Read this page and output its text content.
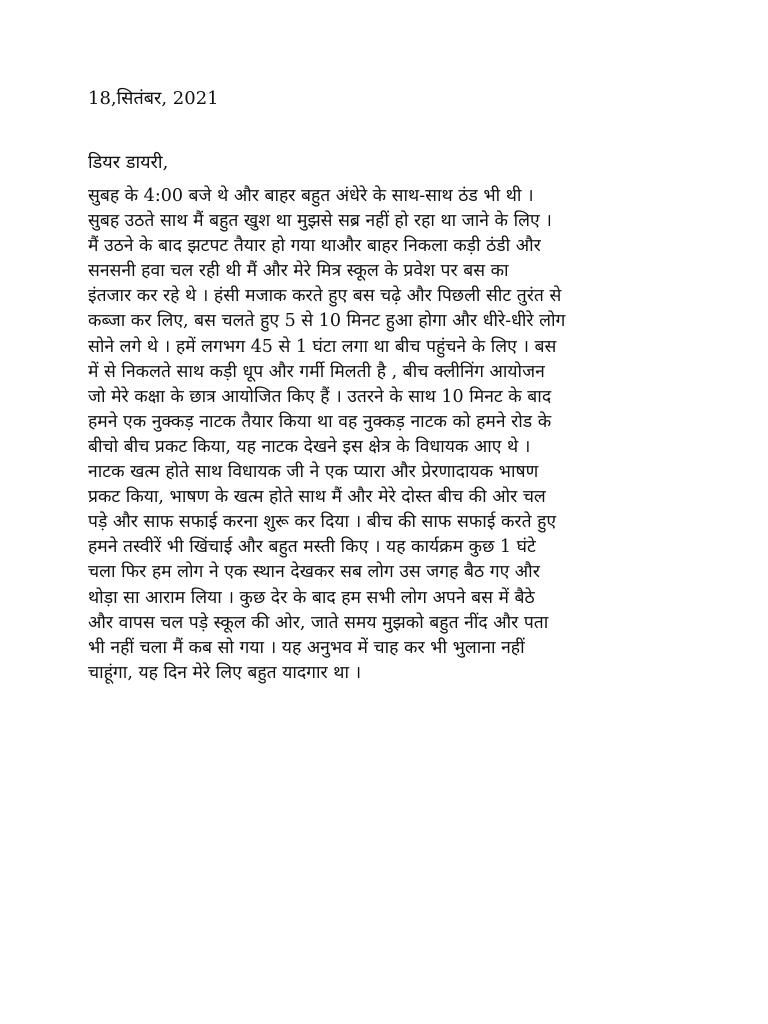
18,सितंबर, 2021
डियर डायरी,
सुबह के 4:00 बजे थे और बाहर बहुत अंधेरे के साथ-साथ ठंड भी थी ।
सुबह उठते साथ मैं बहुत खुश था मुझसे सब्र नहीं हो रहा था जाने के लिए ।
मैं उठने के बाद झटपट तैयार हो गया थाऔर बाहर निकला कड़ी ठंडी और
सनसनी हवा चल रही थी मैं और मेरे मित्र स्कूल के प्रवेश पर बस का
इंतजार कर रहे थे । हंसी मजाक करते हुए बस चढ़े और पिछली सीट तुरंत से
कब्जा कर लिए, बस चलते हुए 5 से 10 मिनट हुआ होगा और धीरे-धीरे लोग
सोने लगे थे । हमें लगभग 45 से 1 घंटा लगा था बीच पहुंचने के लिए । बस
में से निकलते साथ कड़ी धूप और गर्मी मिलती है , बीच क्लीनिंग आयोजन
जो मेरे कक्षा के छात्र आयोजित किए हैं । उतरने के साथ 10 मिनट के बाद
हमने एक नुक्कड़ नाटक तैयार किया था वह नुक्कड़ नाटक को हमने रोड के
बीचो बीच प्रकट किया, यह नाटक देखने इस क्षेत्र के विधायक आए थे ।
नाटक खत्म होते साथ विधायक जी ने एक प्यारा और प्रेरणादायक भाषण
प्रकट किया, भाषण के खत्म होते साथ मैं और मेरे दोस्त बीच की ओर चल
पड़े और साफ सफाई करना शुरू कर दिया । बीच की साफ सफाई करते हुए
हमने तस्वीरें भी खिंचाई और बहुत मस्ती किए । यह कार्यक्रम कुछ 1 घंटे
चला फिर हम लोग ने एक स्थान देखकर सब लोग उस जगह बैठ गए और
थोड़ा सा आराम लिया । कुछ देर के बाद हम सभी लोग अपने बस में बैठे
और वापस चल पड़े स्कूल की ओर, जाते समय मुझको बहुत नींद और पता
भी नहीं चला मैं कब सो गया । यह अनुभव में चाह कर भी भुलाना नहीं
चाहूंगा, यह दिन मेरे लिए बहुत यादगार था ।
